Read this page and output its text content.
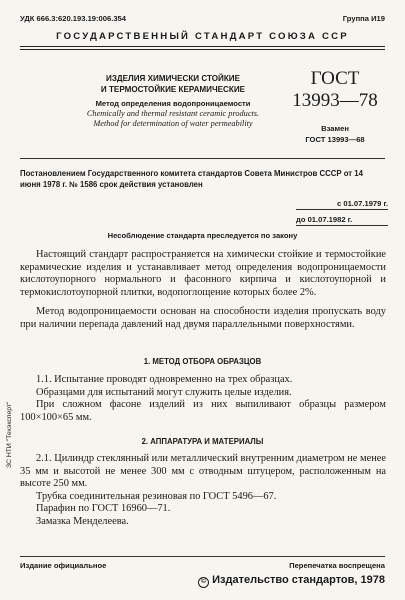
УДК 666.3:620.193.19:006.354	Группа И19
ГОСУДАРСТВЕННЫЙ СТАНДАРТ СОЮЗА ССР
ИЗДЕЛИЯ ХИМИЧЕСКИ СТОЙКИЕ
И ТЕРМОСТОЙКИЕ КЕРАМИЧЕСКИЕ
Метод определения водопроницаемости
Chemically and thermal resistant ceramic products.
Method for determination of water permeability
ГОСТ
13993—78
Взамен
ГОСТ 13993—68
Постановлением Государственного комитета стандартов Совета Министров СССР от 14 июня 1978 г. № 1586 срок действия установлен
с 01.07.1979 г.
до 01.07.1982 г.
Несоблюдение стандарта преследуется по закону

Настоящий стандарт распространяется на химически стойкие и термостойкие керамические изделия и устанавливает метод определения водопроницаемости кислотоупорного нормального и фасонного кирпича и кислотоупорной и термокислотоупорной плитки, водопоглощение которых более 2%.

Метод водопроницаемости основан на способности изделия пропускать воду при наличии перепада давлений над двумя параллельными поверхностями.

1. МЕТОД ОТБОРА ОБРАЗЦОВ

1.1. Испытание проводят одновременно на трех образцах.

Образцами для испытаний могут служить целые изделия.

При сложном фасоне изделий из них выпиливают образцы размером 100×100×65 мм.

2. АППАРАТУРА И МАТЕРИАЛЫ

2.1. Цилиндр стеклянный или металлический внутренним диаметром не менее 35 мм и высотой не менее 300 мм с отводным штуцером, расположенным на высоте 250 мм.

Трубка соединительная резиновая по ГОСТ 5496—67.

Парафин по ГОСТ 16960—71.

Замазка Менделеева.

ЗС НТИ "Техэксперт"
Издание официальное	Перепечатка воспрещена
© Издательство стандартов, 1978
